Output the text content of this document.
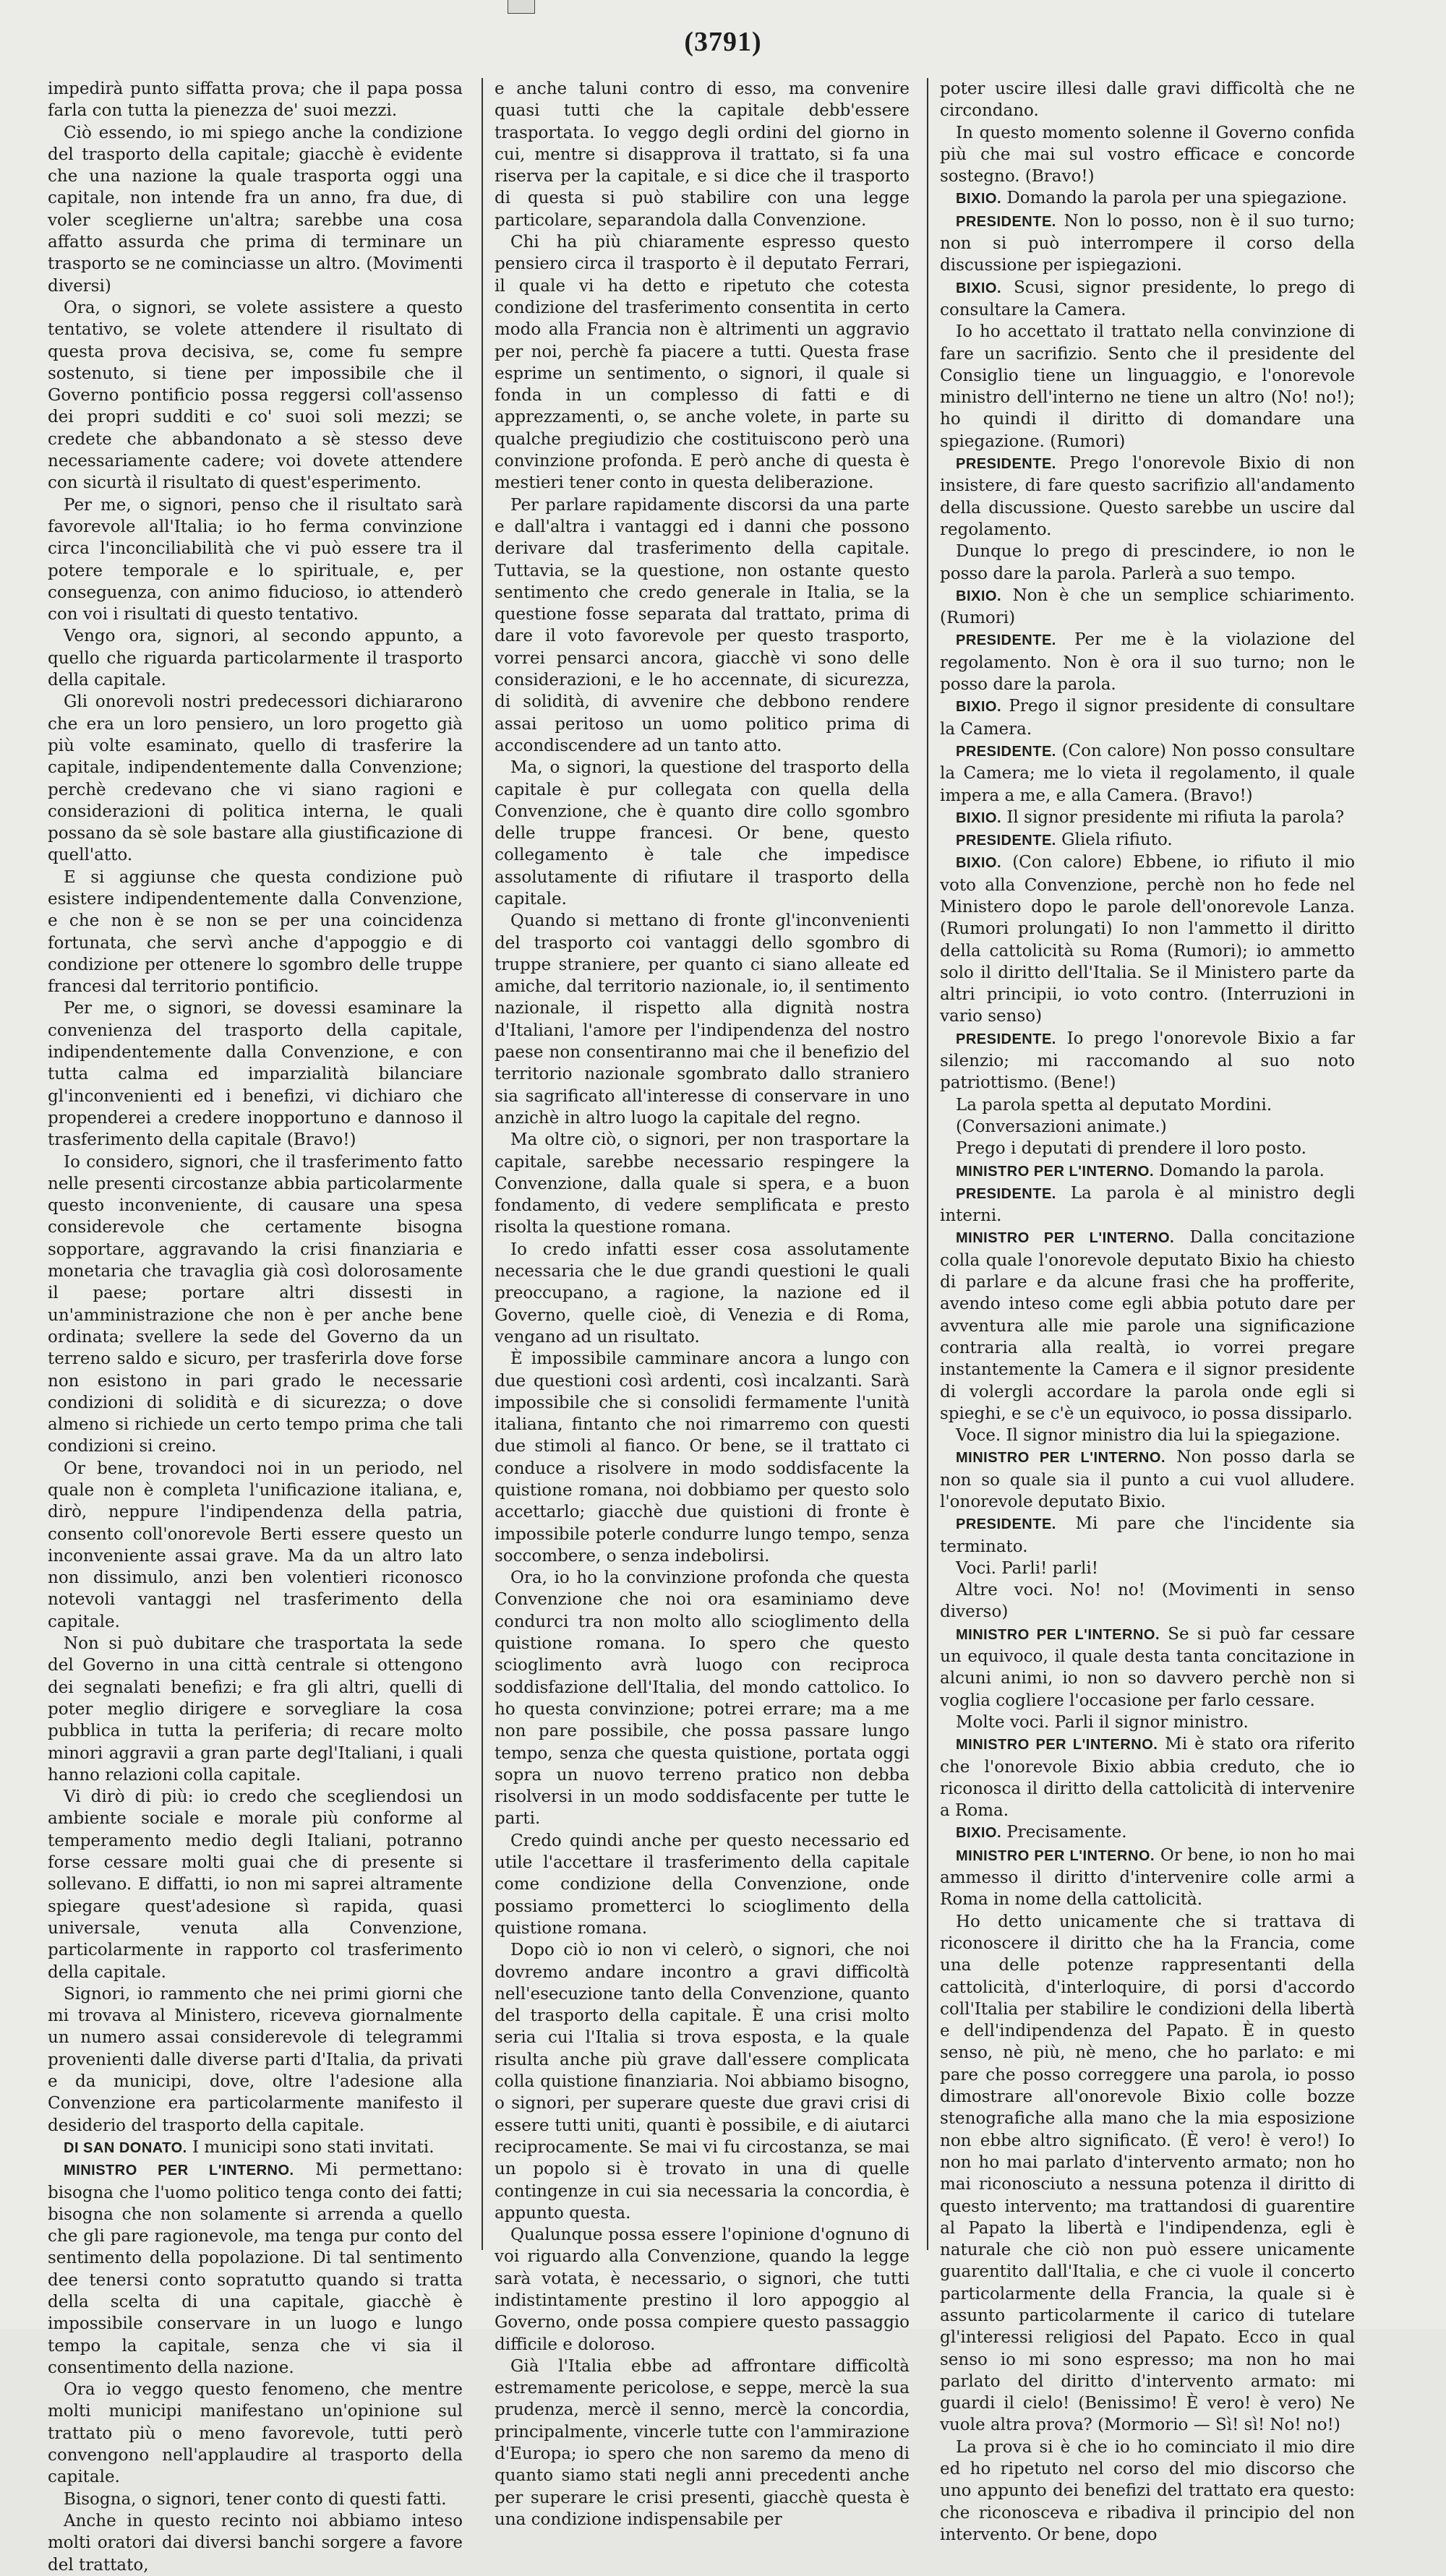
(3791)

impedirà punto siffatta prova; che il papa possa farla con tutta la pienezza de' suoi mezzi.

Ciò essendo, io mi spiego anche la condizione del trasporto della capitale; giacchè è evidente che una nazione la quale trasporta oggi una capitale, non intende fra un anno, fra due, di voler sceglierne un'altra; sarebbe una cosa affatto assurda che prima di terminare un trasporto se ne cominciasse un altro. (Movimenti diversi)

Ora, o signori, se volete assistere a questo tentativo, se volete attendere il risultato di questa prova decisiva, se, come fu sempre sostenuto, si tiene per impossibile che il Governo pontificio possa reggersi coll'assenso dei propri sudditi e co' suoi soli mezzi; se credete che abbandonato a sè stesso deve necessariamente cadere; voi dovete attendere con sicurtà il risultato di quest'esperimento.

Per me, o signori, penso che il risultato sarà favorevole all'Italia; io ho ferma convinzione circa l'inconciliabilità che vi può essere tra il potere temporale e lo spirituale, e, per conseguenza, con animo fiducioso, io attenderò con voi i risultati di questo tentativo.

Vengo ora, signori, al secondo appunto, a quello che riguarda particolarmente il trasporto della capitale.

Gli onorevoli nostri predecessori dichiararono che era un loro pensiero, un loro progetto già più volte esaminato, quello di trasferire la capitale, indipendentemente dalla Convenzione; perchè credevano che vi siano ragioni e considerazioni di politica interna, le quali possano da sè sole bastare alla giustificazione di quell'atto.

E si aggiunse che questa condizione può esistere indipendentemente dalla Convenzione, e che non è se non se per una coincidenza fortunata, che servì anche d'appoggio e di condizione per ottenere lo sgombro delle truppe francesi dal territorio pontificio.

Per me, o signori, se dovessi esaminare la convenienza del trasporto della capitale, indipendentemente dalla Convenzione, e con tutta calma ed imparzialità bilanciare gl'inconvenienti ed i benefizi, vi dichiaro che propenderei a credere inopportuno e dannoso il trasferimento della capitale (Bravo!)

Io considero, signori, che il trasferimento fatto nelle presenti circostanze abbia particolarmente questo inconveniente, di causare una spesa considerevole che certamente bisogna sopportare, aggravando la crisi finanziaria e monetaria che travaglia già così dolorosamente il paese; portare altri dissesti in un'amministrazione che non è per anche bene ordinata; svellere la sede del Governo da un terreno saldo e sicuro, per trasferirla dove forse non esistono in pari grado le necessarie condizioni di solidità e di sicurezza; o dove almeno si richiede un certo tempo prima che tali condizioni si creino.

Or bene, trovandoci noi in un periodo, nel quale non è completa l'unificazione italiana, e, dirò, neppure l'indipendenza della patria, consento coll'onorevole Berti essere questo un inconveniente assai grave. Ma da un altro lato non dissimulo, anzi ben volentieri riconosco notevoli vantaggi nel trasferimento della capitale.

Non si può dubitare che trasportata la sede del Governo in una città centrale si ottengono dei segnalati benefizi; e fra gli altri, quelli di poter meglio dirigere e sorvegliare la cosa pubblica in tutta la periferia; di recare molto minori aggravii a gran parte degl'Italiani, i quali hanno relazioni colla capitale.

Vi dirò di più: io credo che scegliendosi un ambiente sociale e morale più conforme al temperamento medio degli Italiani, potranno forse cessare molti guai che di presente si sollevano. E diffatti, io non mi saprei altramente spiegare quest'adesione sì rapida, quasi universale, venuta alla Convenzione, particolarmente in rapporto col trasferimento della capitale.

Signori, io rammento che nei primi giorni che mi trovava al Ministero, riceveva giornalmente un numero assai considerevole di telegrammi provenienti dalle diverse parti d'Italia, da privati e da municipi, dove, oltre l'adesione alla Convenzione era particolarmente manifesto il desiderio del trasporto della capitale.

DI SAN DONATO. I municipi sono stati invitati.

MINISTRO PER L'INTERNO. Mi permettano: bisogna che l'uomo politico tenga conto dei fatti; bisogna che non solamente si arrenda a quello che gli pare ragionevole, ma tenga pur conto del sentimento della popolazione. Di tal sentimento dee tenersi conto sopratutto quando si tratta della scelta di una capitale, giacchè è impossibile conservare in un luogo e lungo tempo la capitale, senza che vi sia il consentimento della nazione.

Ora io veggo questo fenomeno, che mentre molti municipi manifestano un'opinione sul trattato più o meno favorevole, tutti però convengono nell'applaudire al trasporto della capitale.

Bisogna, o signori, tener conto di questi fatti.

Anche in questo recinto noi abbiamo inteso molti oratori dai diversi banchi sorgere a favore del trattato,

e anche taluni contro di esso, ma convenire quasi tutti che la capitale debb'essere trasportata. Io veggo degli ordini del giorno in cui, mentre si disapprova il trattato, si fa una riserva per la capitale, e si dice che il trasporto di questa si può stabilire con una legge particolare, separandola dalla Convenzione.

Chi ha più chiaramente espresso questo pensiero circa il trasporto è il deputato Ferrari, il quale vi ha detto e ripetuto che cotesta condizione del trasferimento consentita in certo modo alla Francia non è altrimenti un aggravio per noi, perchè fa piacere a tutti. Questa frase esprime un sentimento, o signori, il quale si fonda in un complesso di fatti e di apprezzamenti, o, se anche volete, in parte su qualche pregiudizio che costituiscono però una convinzione profonda. E però anche di questa è mestieri tener conto in questa deliberazione.

Per parlare rapidamente discorsi da una parte e dall'altra i vantaggi ed i danni che possono derivare dal trasferimento della capitale. Tuttavia, se la questione, non ostante questo sentimento che credo generale in Italia, se la questione fosse separata dal trattato, prima di dare il voto favorevole per questo trasporto, vorrei pensarci ancora, giacchè vi sono delle considerazioni, e le ho accennate, di sicurezza, di solidità, di avvenire che debbono rendere assai peritoso un uomo politico prima di accondiscendere ad un tanto atto.

Ma, o signori, la questione del trasporto della capitale è pur collegata con quella della Convenzione, che è quanto dire collo sgombro delle truppe francesi. Or bene, questo collegamento è tale che impedisce assolutamente di rifiutare il trasporto della capitale.

Quando si mettano di fronte gl'inconvenienti del trasporto coi vantaggi dello sgombro di truppe straniere, per quanto ci siano alleate ed amiche, dal territorio nazionale, io, il sentimento nazionale, il rispetto alla dignità nostra d'Italiani, l'amore per l'indipendenza del nostro paese non consentiranno mai che il benefizio del territorio nazionale sgombrato dallo straniero sia sagrificato all'interesse di conservare in uno anzichè in altro luogo la capitale del regno.

Ma oltre ciò, o signori, per non trasportare la capitale, sarebbe necessario respingere la Convenzione, dalla quale si spera, e a buon fondamento, di vedere semplificata e presto risolta la questione romana.

Io credo infatti esser cosa assolutamente necessaria che le due grandi questioni le quali preoccupano, a ragione, la nazione ed il Governo, quelle cioè, di Venezia e di Roma, vengano ad un risultato.

È impossibile camminare ancora a lungo con due questioni così ardenti, così incalzanti. Sarà impossibile che si consolidi fermamente l'unità italiana, fintanto che noi rimarremo con questi due stimoli al fianco. Or bene, se il trattato ci conduce a risolvere in modo soddisfacente la quistione romana, noi dobbiamo per questo solo accettarlo; giacchè due quistioni di fronte è impossibile poterle condurre lungo tempo, senza soccombere, o senza indebolirsi.

Ora, io ho la convinzione profonda che questa Convenzione che noi ora esaminiamo deve condurci tra non molto allo scioglimento della quistione romana. Io spero che questo scioglimento avrà luogo con reciproca soddisfazione dell'Italia, del mondo cattolico. Io ho questa convinzione; potrei errare; ma a me non pare possibile, che possa passare lungo tempo, senza che questa quistione, portata oggi sopra un nuovo terreno pratico non debba risolversi in un modo soddisfacente per tutte le parti.

Credo quindi anche per questo necessario ed utile l'accettare il trasferimento della capitale come condizione della Convenzione, onde possiamo prometterci lo scioglimento della quistione romana.

Dopo ciò io non vi celerò, o signori, che noi dovremo andare incontro a gravi difficoltà nell'esecuzione tanto della Convenzione, quanto del trasporto della capitale. È una crisi molto seria cui l'Italia si trova esposta, e la quale risulta anche più grave dall'essere complicata colla quistione finanziaria. Noi abbiamo bisogno, o signori, per superare queste due gravi crisi di essere tutti uniti, quanti è possibile, e di aiutarci reciprocamente. Se mai vi fu circostanza, se mai un popolo si è trovato in una di quelle contingenze in cui sia necessaria la concordia, è appunto questa.

Qualunque possa essere l'opinione d'ognuno di voi riguardo alla Convenzione, quando la legge sarà votata, è necessario, o signori, che tutti indistintamente prestino il loro appoggio al Governo, onde possa compiere questo passaggio difficile e doloroso.

Già l'Italia ebbe ad affrontare difficoltà estremamente pericolose, e seppe, mercè la sua prudenza, mercè il senno, mercè la concordia, principalmente, vincerle tutte con l'ammirazione d'Europa; io spero che non saremo da meno di quanto siamo stati negli anni precedenti anche per superare le crisi presenti, giacchè questa è una condizione indispensabile per

poter uscire illesi dalle gravi difficoltà che ne circondano.

In questo momento solenne il Governo confida più che mai sul vostro efficace e concorde sostegno. (Bravo!)

BIXIO. Domando la parola per una spiegazione.

PRESIDENTE. Non lo posso, non è il suo turno; non si può interrompere il corso della discussione per ispiegazioni.

BIXIO. Scusi, signor presidente, lo prego di consultare la Camera.

Io ho accettato il trattato nella convinzione di fare un sacrifizio. Sento che il presidente del Consiglio tiene un linguaggio, e l'onorevole ministro dell'interno ne tiene un altro (No! no!); ho quindi il diritto di domandare una spiegazione. (Rumori)

PRESIDENTE. Prego l'onorevole Bixio di non insistere, di fare questo sacrifizio all'andamento della discussione. Questo sarebbe un uscire dal regolamento.

Dunque lo prego di prescindere, io non le posso dare la parola. Parlerà a suo tempo.

BIXIO. Non è che un semplice schiarimento. (Rumori)

PRESIDENTE. Per me è la violazione del regolamento. Non è ora il suo turno; non le posso dare la parola.

BIXIO. Prego il signor presidente di consultare la Camera.

PRESIDENTE. (Con calore) Non posso consultare la Camera; me lo vieta il regolamento, il quale impera a me, e alla Camera. (Bravo!)

BIXIO. Il signor presidente mi rifiuta la parola?

PRESIDENTE. Gliela rifiuto.

BIXIO. (Con calore) Ebbene, io rifiuto il mio voto alla Convenzione, perchè non ho fede nel Ministero dopo le parole dell'onorevole Lanza. (Rumori prolungati) Io non l'ammetto il diritto della cattolicità su Roma (Rumori); io ammetto solo il diritto dell'Italia. Se il Ministero parte da altri principii, io voto contro. (Interruzioni in vario senso)

PRESIDENTE. Io prego l'onorevole Bixio a far silenzio; mi raccomando al suo noto patriottismo. (Bene!)

La parola spetta al deputato Mordini.

(Conversazioni animate.)

Prego i deputati di prendere il loro posto.

MINISTRO PER L'INTERNO. Domando la parola.

PRESIDENTE. La parola è al ministro degli interni.

MINISTRO PER L'INTERNO. Dalla concitazione colla quale l'onorevole deputato Bixio ha chiesto di parlare e da alcune frasi che ha profferite, avendo inteso come egli abbia potuto dare per avventura alle mie parole una significazione contraria alla realtà, io vorrei pregare instantemente la Camera e il signor presidente di volergli accordare la parola onde egli si spieghi, e se c'è un equivoco, io possa dissiparlo.

Voce. Il signor ministro dia lui la spiegazione.

MINISTRO PER L'INTERNO. Non posso darla se non so quale sia il punto a cui vuol alludere. l'onorevole deputato Bixio.

PRESIDENTE. Mi pare che l'incidente sia terminato.

Voci. Parli! parli!

Altre voci. No! no! (Movimenti in senso diverso)

MINISTRO PER L'INTERNO. Se si può far cessare un equivoco, il quale desta tanta concitazione in alcuni animi, io non so davvero perchè non si voglia cogliere l'occasione per farlo cessare.

Molte voci. Parli il signor ministro.

MINISTRO PER L'INTERNO. Mi è stato ora riferito che l'onorevole Bixio abbia creduto, che io riconosca il diritto della cattolicità di intervenire a Roma.

BIXIO. Precisamente.

MINISTRO PER L'INTERNO. Or bene, io non ho mai ammesso il diritto d'intervenire colle armi a Roma in nome della cattolicità.

Ho detto unicamente che si trattava di riconoscere il diritto che ha la Francia, come una delle potenze rappresentanti della cattolicità, d'interloquire, di porsi d'accordo coll'Italia per stabilire le condizioni della libertà e dell'indipendenza del Papato. È in questo senso, nè più, nè meno, che ho parlato: e mi pare che posso correggere una parola, io posso dimostrare all'onorevole Bixio colle bozze stenografiche alla mano che la mia esposizione non ebbe altro significato. (È vero! è vero!) Io non ho mai parlato d'intervento armato; non ho mai riconosciuto a nessuna potenza il diritto di questo intervento; ma trattandosi di guarentire al Papato la libertà e l'indipendenza, egli è naturale che ciò non può essere unicamente guarentito dall'Italia, e che ci vuole il concerto particolarmente della Francia, la quale si è assunto particolarmente il carico di tutelare gl'interessi religiosi del Papato. Ecco in qual senso io mi sono espresso; ma non ho mai parlato del diritto d'intervento armato: mi guardi il cielo! (Benissimo! È vero! è vero) Ne vuole altra prova? (Mormorio — Sì! sì! No! no!)

La prova si è che io ho cominciato il mio dire ed ho ripetuto nel corso del mio discorso che uno appunto dei benefizi del trattato era questo: che riconosceva e ribadiva il principio del non intervento. Or bene, dopo
